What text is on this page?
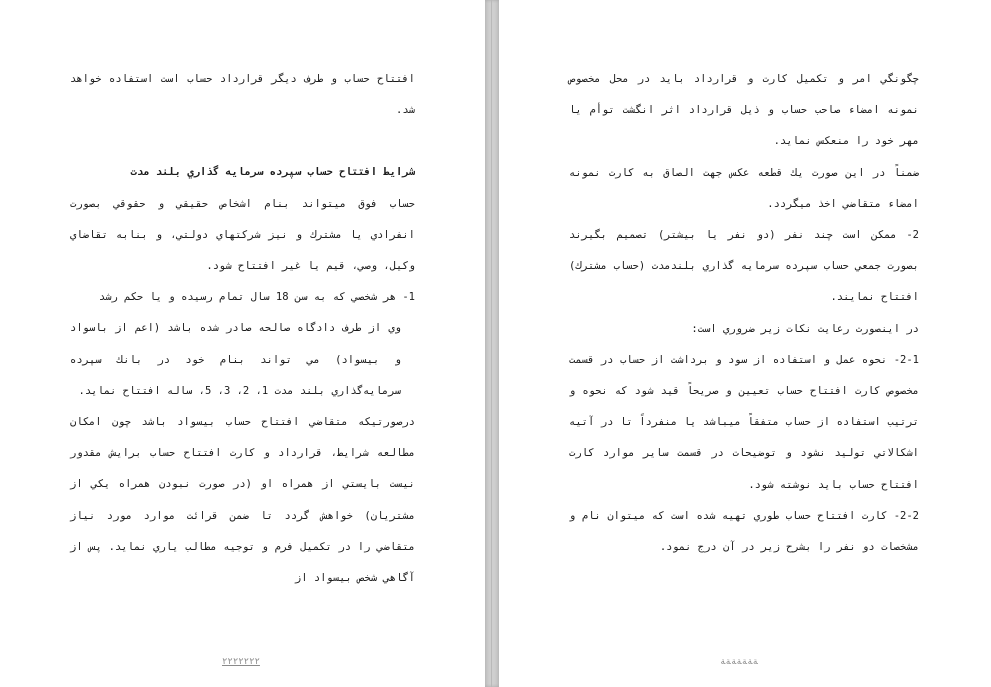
افتتاح حساب و طرف ديگر قرارداد حساب است استفاده خواهد شد.

شرايط افتتاح حساب سپرده سرمايه گذاري بلند مدت

حساب فوق ميتواند بنام اشخاص حقيقي و حقوقي بصورت انفرادي يا مشترك و نيز شركتهاي دولتي، و بنابه تقاضاي وكيل، وصي، قيم يا غير افتتاح شود.

1- هر شخصي كه به سن 18 سال تمام رسيده و يا حكم رشد

وي از طرف دادگاه صالحه صادر شده باشد (اعم از باسواد و بيسواد) مي تواند بنام خود در بانك سپرده سرمايه‌گذاري بلند مدت 1، 2، 3، 5، ساله افتتاح نمايد.

درصورتيكه متقاضي افتتاح حساب بيسواد باشد چون امكان مطالعه شرايط، قرارداد و كارت افتتاح حساب برايش مقدور نيست بايستي از همراه او (در صورت نبودن همراه يكي از مشتريان) خواهش گردد تا ضمن قرائت موارد مورد نياز متقاضي را در تكميل فرم و توجيه مطالب ياري نمايد. پس از آگاهي شخص بيسواد از

٢٢٢٢٢٢٢

چگونگي امر و تكميل كارت و قرارداد بايد در محل مخصوص نمونه امضاء صاحب حساب و ذيل قرارداد اثر انگشت توأم يا مهر خود را منعكس نمايد.

ضمناً در اين صورت يك قطعه عكس جهت الصاق به كارت نمونه امضاء متقاضي اخذ ميگردد.

2- ممكن است چند نفر (دو نفر يا بيشتر) تصميم بگيرند بصورت جمعي حساب سپرده سرمايه گذاري بلندمدت (حساب مشترك) افتتاح نمايند.

در اينصورت رعايت نكات زير ضروري است:

2-1- نحوه عمل و استفاده از سود و برداشت از حساب در قسمت مخصوص كارت افتتاح حساب تعيين و صريحاً قيد شود كه نحوه و ترتيب استفاده از حساب متفقاً ميباشد يا منفرداً تا در آتيه اشكالاتي توليد نشود و توضيحات در قسمت ساير موارد كارت افتتاح حساب بايد نوشته شود.

2-2- كارت افتتاح حساب طوري تهيه شده است كه ميتوان نام و مشخصات دو نفر را بشرح زير در آن درج نمود.

ﺔﺔﺔﺔﺔﺔﺔ
